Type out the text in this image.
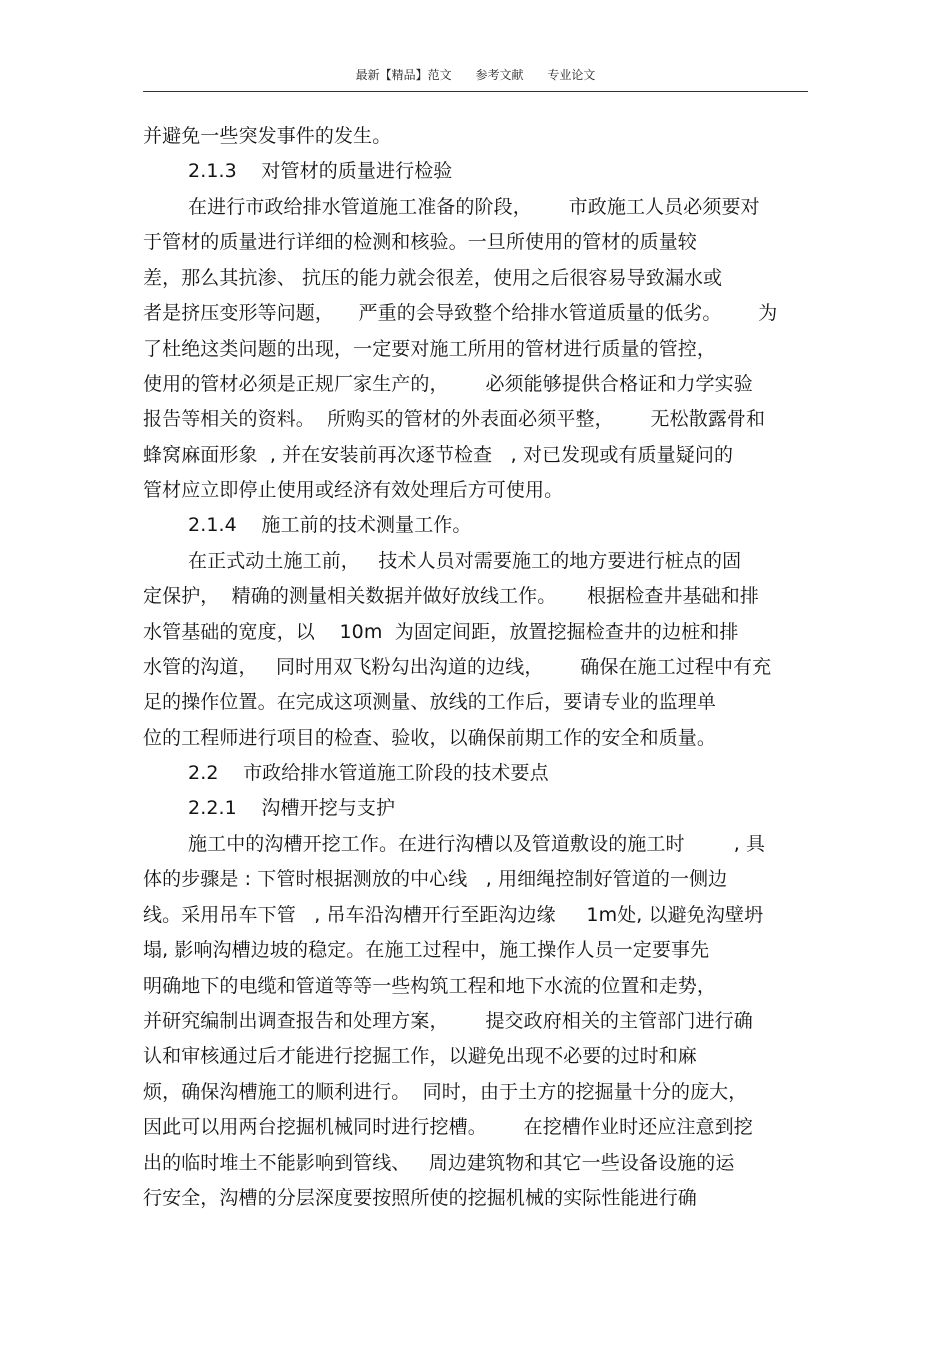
最新【精品】范文 参考文献 专业论文
并避免一些突发事件的发生。
2.1.3    对管材的质量进行检验
在进行市政给排水管道施工准备的阶段，      市政施工人员必须要对
于管材的质量进行详细的检测和核验。一旦所使用的管材的质量较
差，那么其抗渗、 抗压的能力就会很差，使用之后很容易导致漏水或
者是挤压变形等问题，    严重的会导致整个给排水管道质量的低劣。      为
了杜绝这类问题的出现，一定要对施工所用的管材进行质量的管控，
使用的管材必须是正规厂家生产的，      必须能够提供合格证和力学实验
报告等相关的资料。  所购买的管材的外表面必须平整，      无松散露骨和
蜂窝麻面形象  , 并在安装前再次逐节检查   , 对已发现或有质量疑问的
管材应立即停止使用或经济有效处理后方可使用。
2.1.4    施工前的技术测量工作。
在正式动土施工前，   技术人员对需要施工的地方要进行桩点的固
定保护，  精确的测量相关数据并做好放线工作。     根据检查井基础和排
水管基础的宽度，以    10m  为固定间距，放置挖掘检查井的边桩和排
水管的沟道，   同时用双飞粉勾出沟道的边线，      确保在施工过程中有充
足的操作位置。在完成这项测量、放线的工作后，要请专业的监理单
位的工程师进行项目的检查、验收，以确保前期工作的安全和质量。
2.2    市政给排水管道施工阶段的技术要点
2.2.1    沟槽开挖与支护
施工中的沟槽开挖工作。在进行沟槽以及管道敷设的施工时        , 具
体的步骤是 : 下管时根据测放的中心线   , 用细绳控制好管道的一侧边
线。采用吊车下管   , 吊车沿沟槽开行至距沟边缘     1m处, 以避免沟壁坍
塌, 影响沟槽边坡的稳定。在施工过程中，施工操作人员一定要事先
明确地下的电缆和管道等等一些构筑工程和地下水流的位置和走势，
并研究编制出调查报告和处理方案，      提交政府相关的主管部门进行确
认和审核通过后才能进行挖掘工作，以避免出现不必要的过时和麻
烦，确保沟槽施工的顺利进行。  同时，由于土方的挖掘量十分的庞大，
因此可以用两台挖掘机械同时进行挖槽。      在挖槽作业时还应注意到挖
出的临时堆土不能影响到管线、   周边建筑物和其它一些设备设施的运
行安全，沟槽的分层深度要按照所使的挖掘机械的实际性能进行确
